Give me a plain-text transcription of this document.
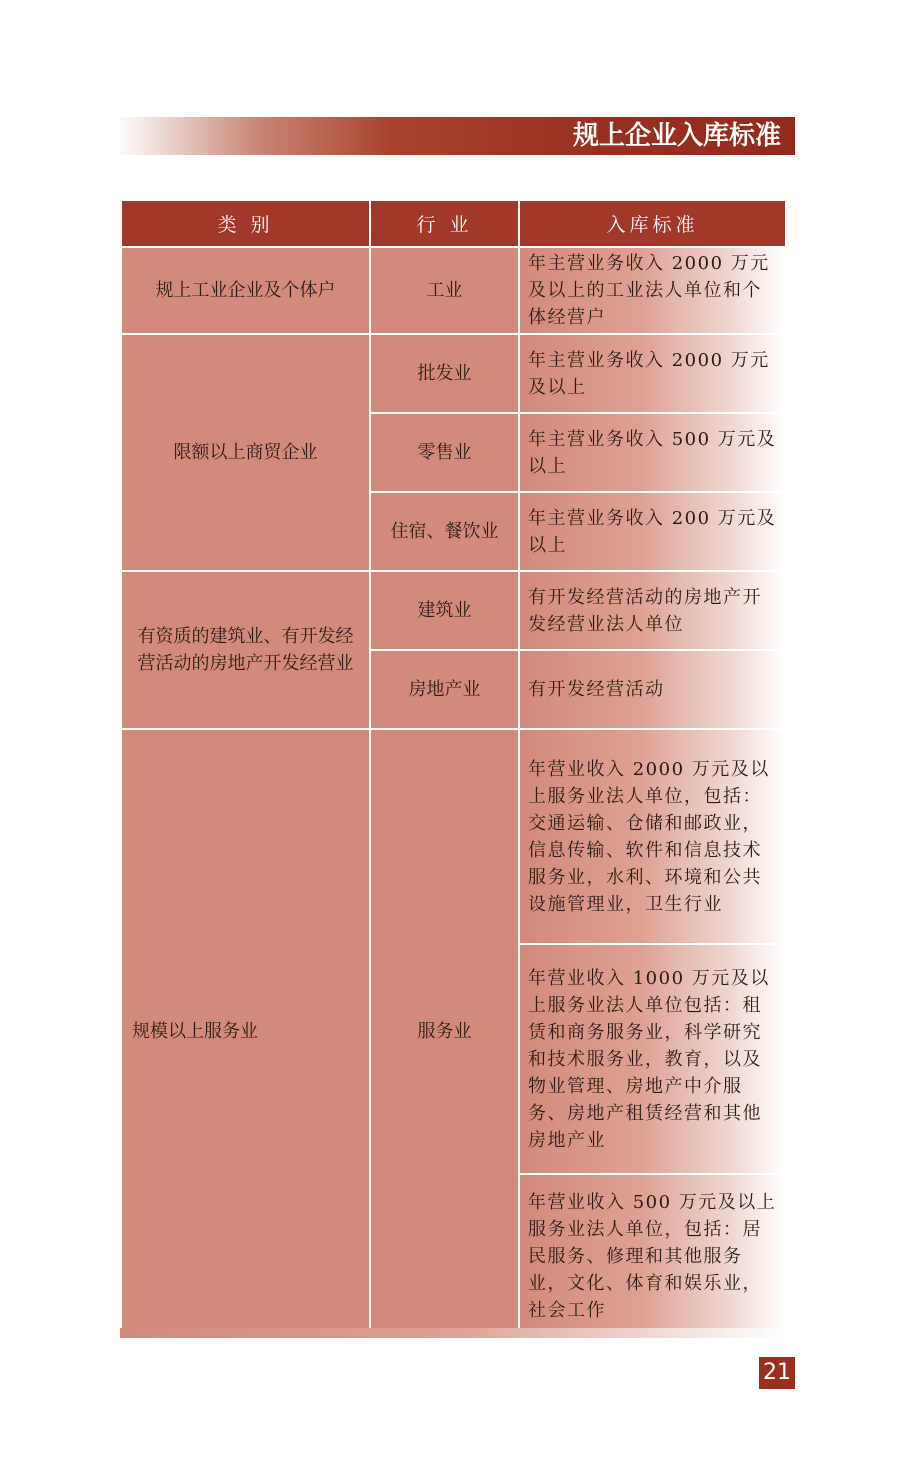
规上企业入库标准
类 别	行 业	入库标准
规上工业企业及个体户	工业	年主营业务收入 2000 万元及以上的工业法人单位和个体经营户
限额以上商贸企业	批发业	年主营业务收入 2000 万元及以上
	零售业	年主营业务收入 500 万元及以上
	住宿、餐饮业	年主营业务收入 200 万元及以上
有资质的建筑业、有开发经营活动的房地产开发经营业	建筑业	有开发经营活动的房地产开发经营业法人单位
	房地产业	有开发经营活动
规模以上服务业	服务业	年营业收入 2000 万元及以上服务业法人单位，包括：交通运输、仓储和邮政业，信息传输、软件和信息技术服务业，水利、环境和公共设施管理业，卫生行业
		年营业收入 1000 万元及以上服务业法人单位包括：租赁和商务服务业，科学研究和技术服务业，教育，以及物业管理、房地产中介服务、房地产租赁经营和其他房地产业
		年营业收入 500 万元及以上服务业法人单位，包括：居民服务、修理和其他服务业，文化、体育和娱乐业，社会工作
21
